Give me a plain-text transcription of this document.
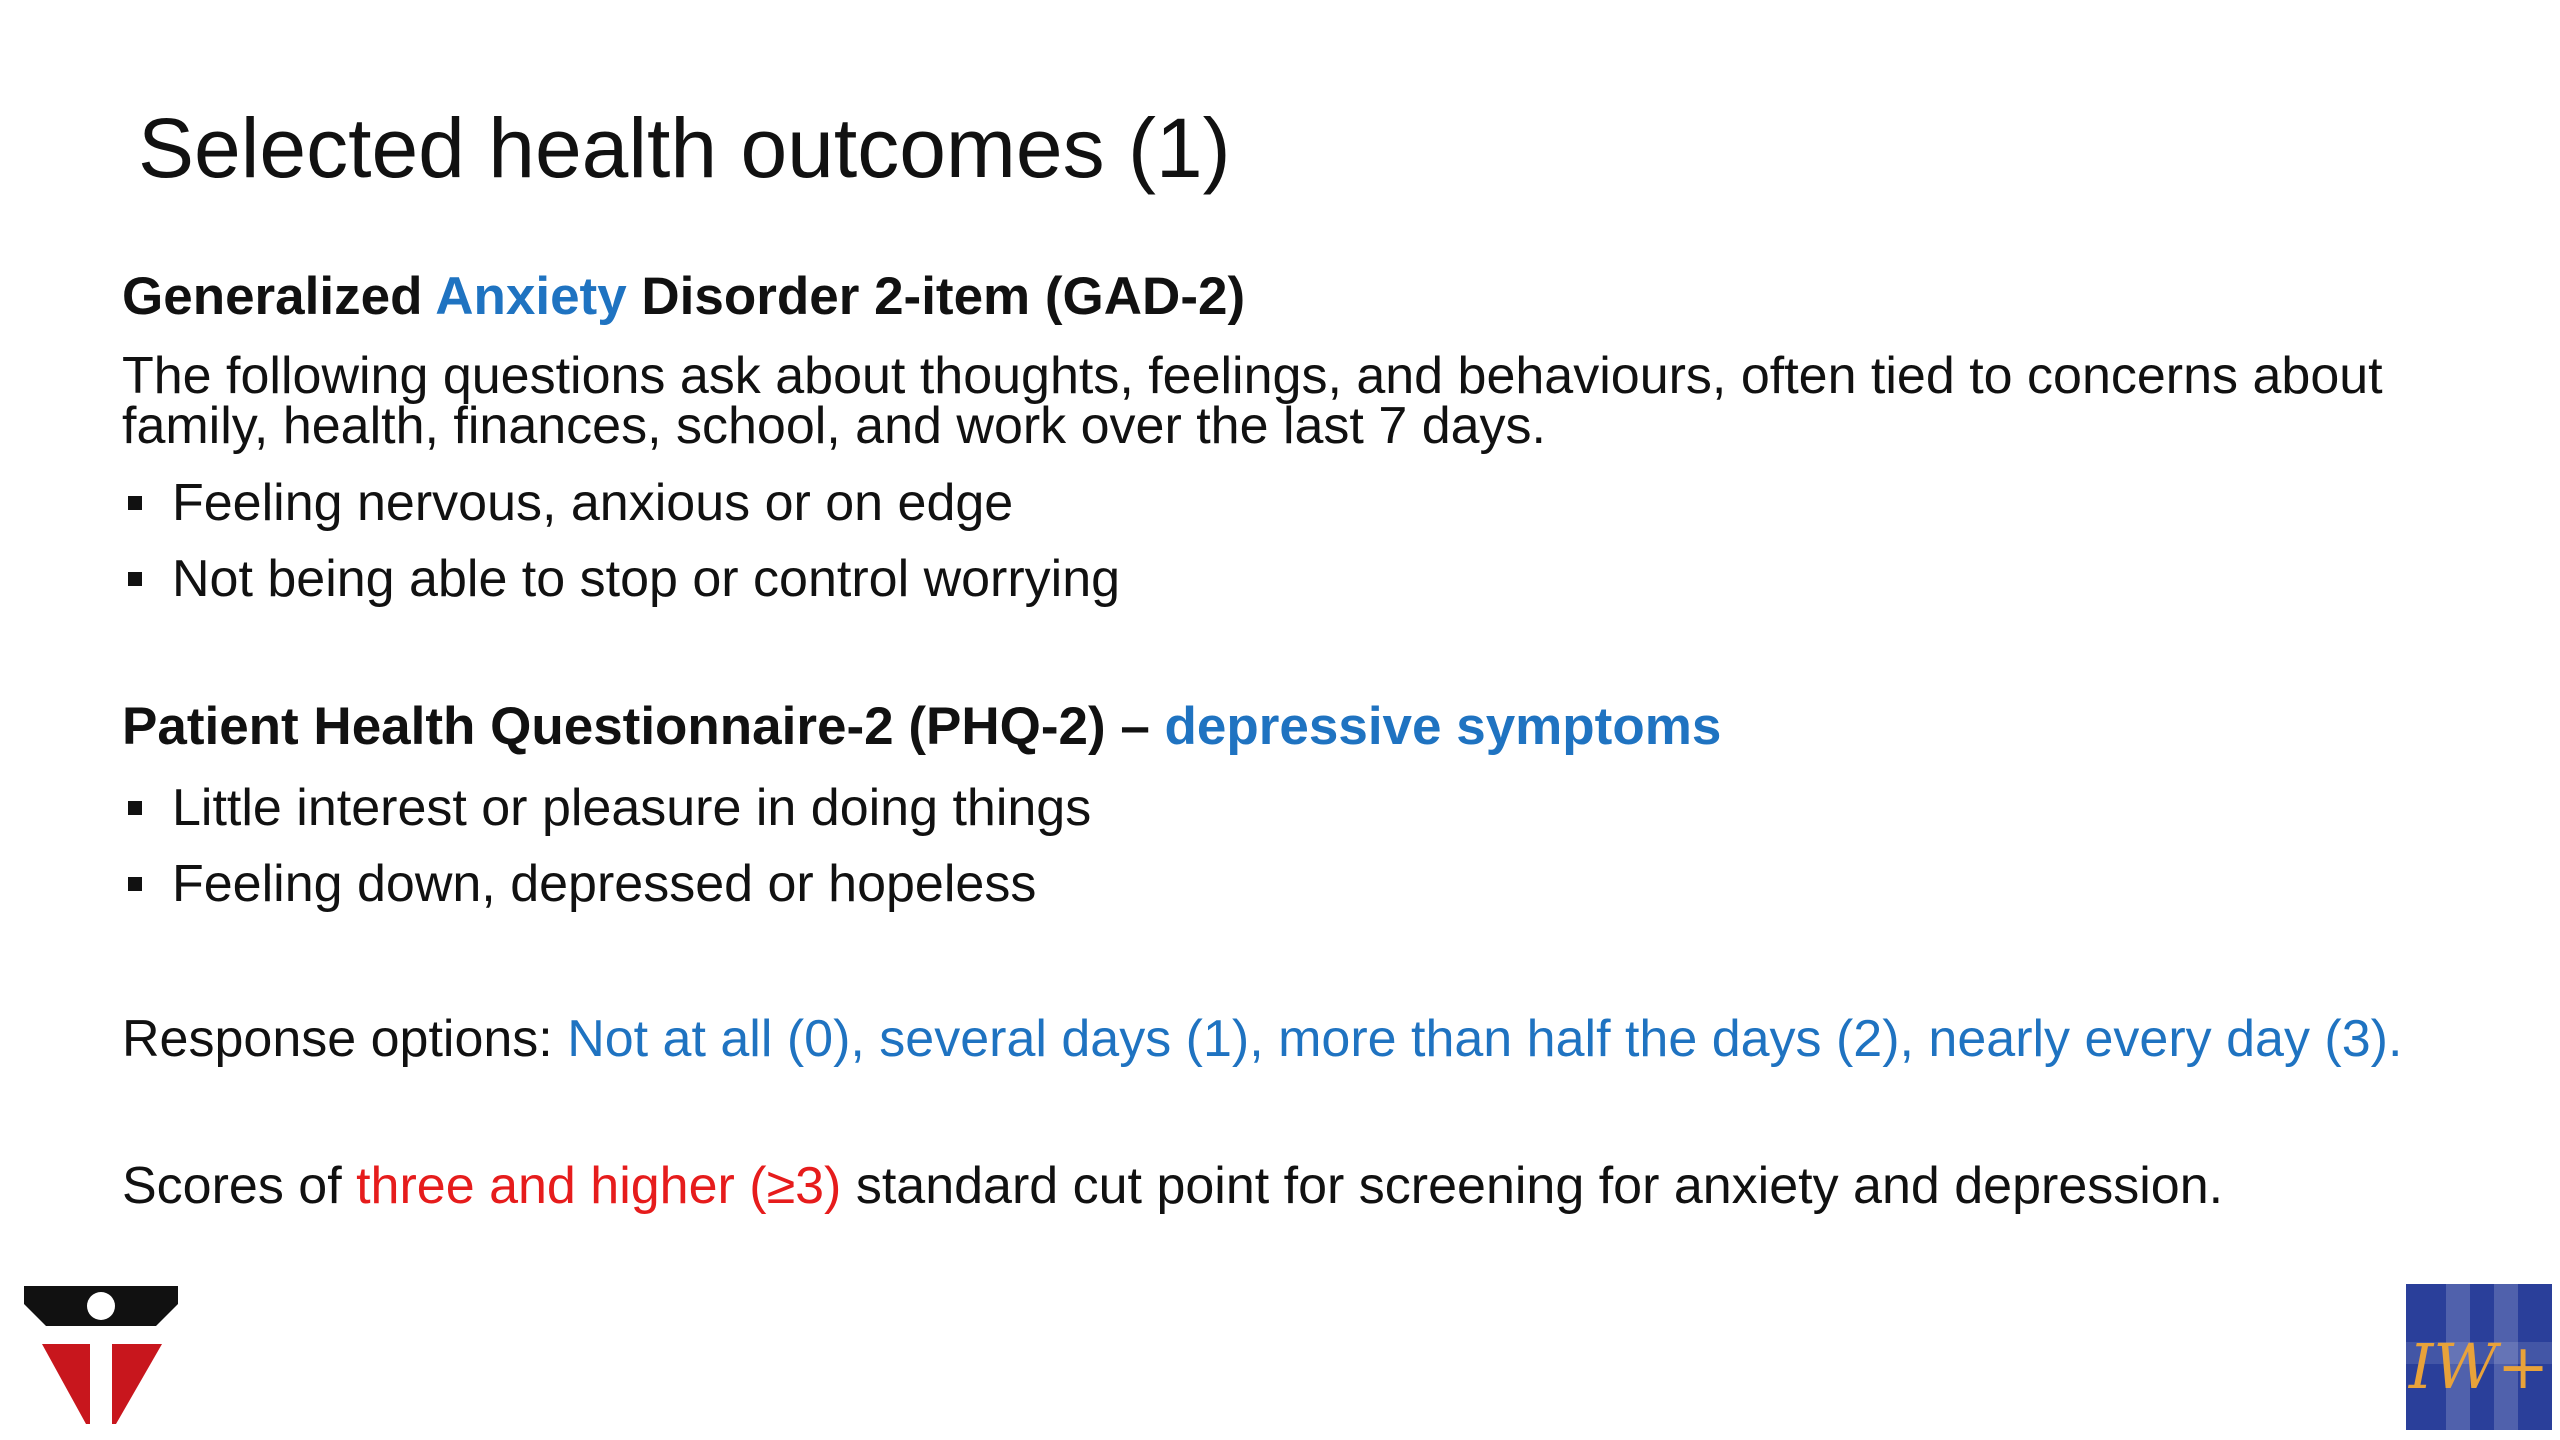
Selected health outcomes (1)

Generalized Anxiety Disorder 2-item (GAD-2)

The following questions ask about thoughts, feelings, and behaviours, often tied to concerns about family, health, finances, school, and work over the last 7 days.

Feeling nervous, anxious or on edge
Not being able to stop or control worrying

Patient Health Questionnaire-2 (PHQ-2) – depressive symptoms

Little interest or pleasure in doing things
Feeling down, depressed or hopeless
Response options: Not at all (0), several days (1), more than half the days (2), nearly every day (3).
Scores of three and higher (≥3) standard cut point for screening for anxiety and depression.
IW+
